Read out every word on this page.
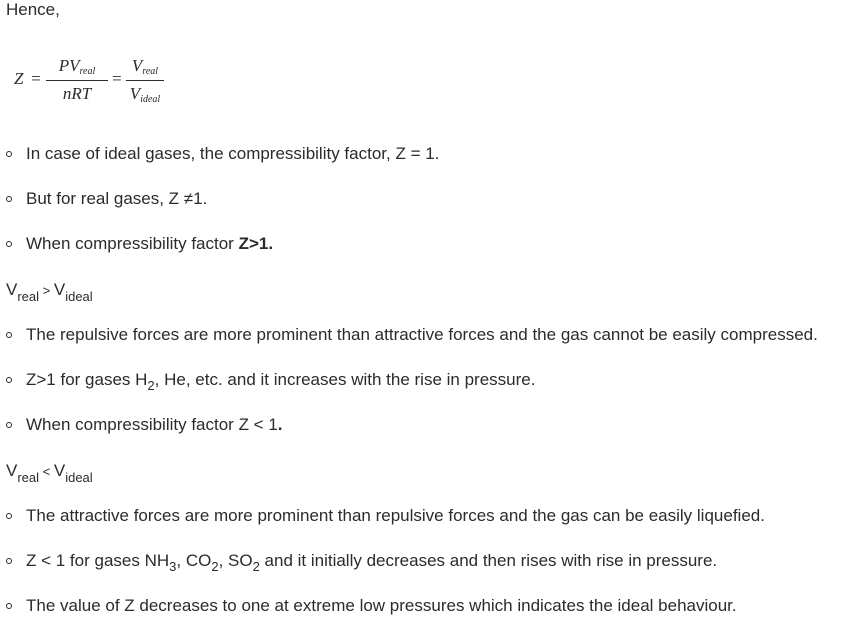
Hence,
Z =
$PV_{real}$
nRT
=
$V_{real}$
$V_{ideal}$
In case of ideal gases, the compressibility factor, Z = 1.
But for real gases, Z ≠1.
When compressibility factor Z>1.
$V_{real} > V_{ideal}$
The repulsive forces are more prominent than attractive forces and the gas cannot be easily compressed.
Z>1 for gases $H_2$, He, etc. and it increases with the rise in pressure.
When compressibility factor Z < 1.
$V_{real} < V_{ideal}$
The attractive forces are more prominent than repulsive forces and the gas can be easily liquefied.
Z < 1 for gases $NH_3$, $CO_2$, $SO_2$ and it initially decreases and then rises with rise in pressure.
The value of Z decreases to one at extreme low pressures which indicates the ideal behaviour.
